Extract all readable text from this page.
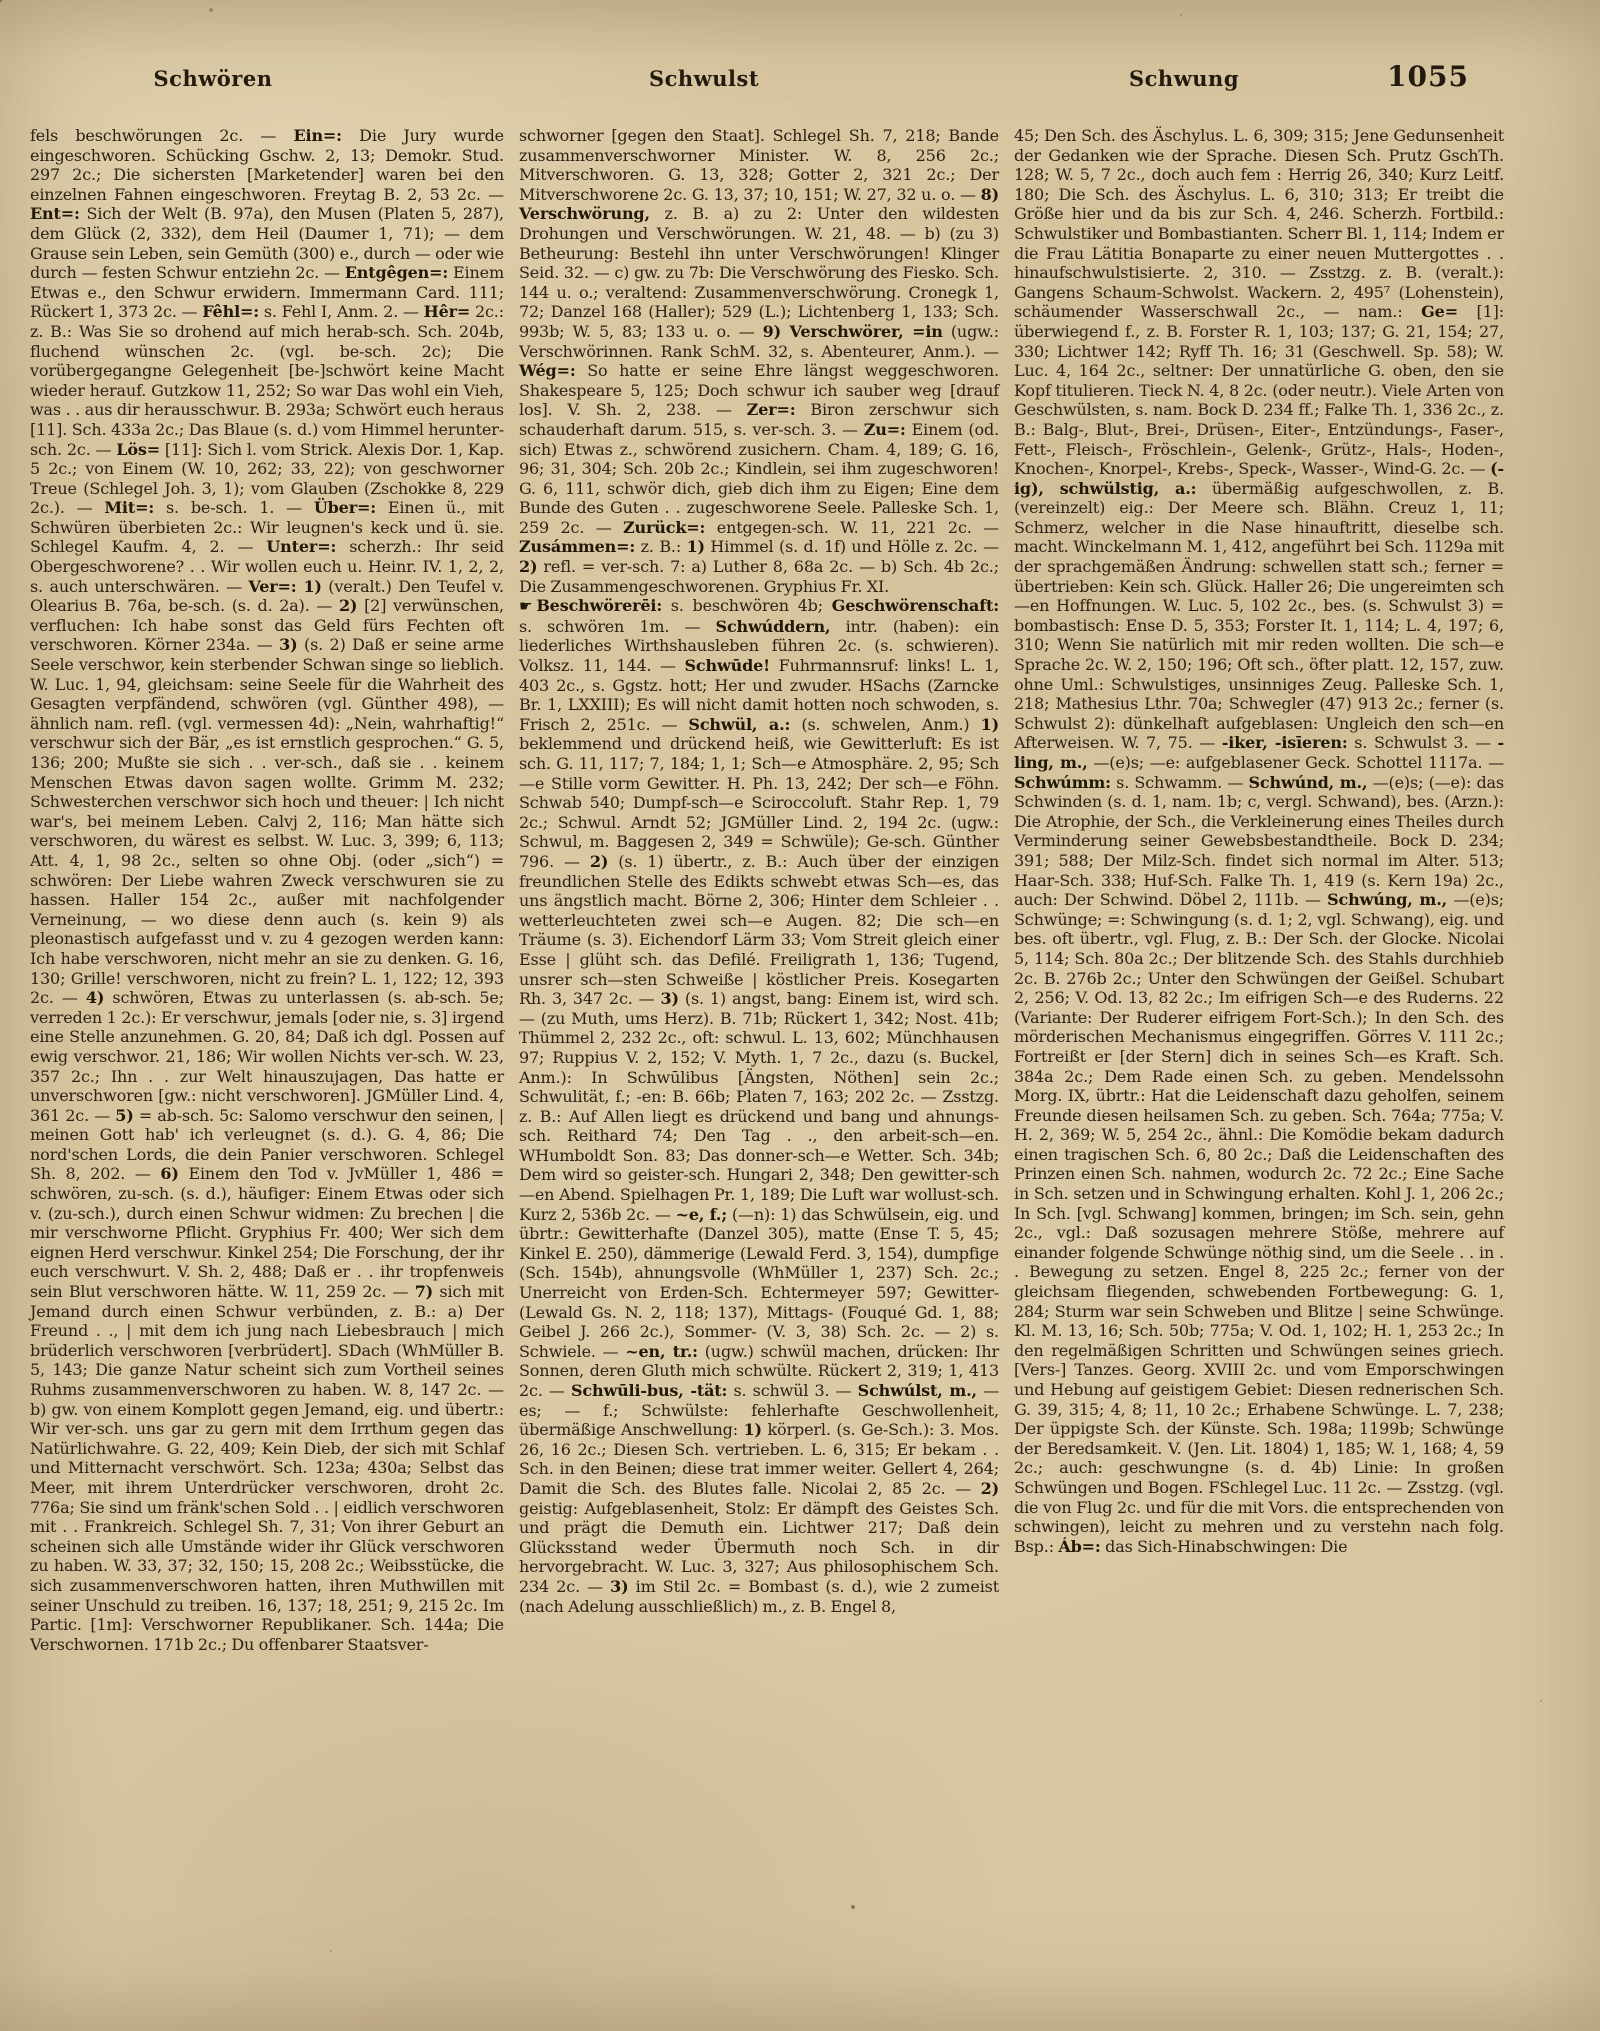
Schwören	Schwulst	Schwung	1055

fels beschwörungen 2c. — Ein=: Die Jury wurde eingeschworen. Schücking Gschw. 2, 13; Demokr. Stud. 297 2c.; Die sichersten [Marketender] waren bei den einzelnen Fahnen eingeschworen. Freytag B. 2, 53 2c. — Ent=: Sich der Welt (B. 97a), den Musen (Platen 5, 287), dem Glück (2, 332), dem Heil (Daumer 1, 71); — dem Grause sein Leben, sein Gemüth (300) e., durch — oder wie durch — festen Schwur entziehn 2c. — Entgêgen=: Einem Etwas e., den Schwur erwidern. Immermann Card. 111; Rückert 1, 373 2c. — Fêhl=: s. Fehl I, Anm. 2. — Hêr= 2c.: z. B.: Was Sie so drohend auf mich herab-sch. Sch. 204b, fluchend wünschen 2c. (vgl. be-sch. 2c); Die vorübergegangne Gelegenheit [be-]schwört keine Macht wieder herauf. Gutzkow 11, 252; So war Das wohl ein Vieh, was . . aus dir herausschwur. B. 293a; Schwört euch heraus [11]. Sch. 433a 2c.; Das Blaue (s. d.) vom Himmel herunter-sch. 2c. — Lös= [11]: Sich l. vom Strick. Alexis Dor. 1, Kap. 5 2c.; von Einem (W. 10, 262; 33, 22); von geschworner Treue (Schlegel Joh. 3, 1); vom Glauben (Zschokke 8, 229 2c.). — Mit=: s. be-sch. 1. — Über=: Einen ü., mit Schwüren überbieten 2c.: Wir leugnen's keck und ü. sie. Schlegel Kaufm. 4, 2. — Unter=: scherzh.: Ihr seid Obergeschworene? . . Wir wollen euch u. Heinr. IV. 1, 2, 2, s. auch unterschwären. — Ver=: 1) (veralt.) Den Teufel v. Olearius B. 76a, be-sch. (s. d. 2a). — 2) [2] verwünschen, verfluchen: Ich habe sonst das Geld fürs Fechten oft verschworen. Körner 234a. — 3) (s. 2) Daß er seine arme Seele verschwor, kein sterbender Schwan singe so lieblich. W. Luc. 1, 94, gleichsam: seine Seele für die Wahrheit des Gesagten verpfändend, schwören (vgl. Günther 498), — ähnlich nam. refl. (vgl. vermessen 4d): „Nein, wahrhaftig!“ verschwur sich der Bär, „es ist ernstlich gesprochen.“ G. 5, 136; 200; Mußte sie sich . . ver-sch., daß sie . . keinem Menschen Etwas davon sagen wollte. Grimm M. 232; Schwesterchen verschwor sich hoch und theuer: | Ich nicht war's, bei meinem Leben. Calvj 2, 116; Man hätte sich verschworen, du wärest es selbst. W. Luc. 3, 399; 6, 113; Att. 4, 1, 98 2c., selten so ohne Obj. (oder „sich“) = schwören: Der Liebe wahren Zweck verschwuren sie zu hassen. Haller 154 2c., außer mit nachfolgender Verneinung, — wo diese denn auch (s. kein 9) als pleonastisch aufgefasst und v. zu 4 gezogen werden kann: Ich habe verschworen, nicht mehr an sie zu denken. G. 16, 130; Grille! verschworen, nicht zu frein? L. 1, 122; 12, 393 2c. — 4) schwören, Etwas zu unterlassen (s. ab-sch. 5e; verreden 1 2c.): Er verschwur, jemals [oder nie, s. 3] irgend eine Stelle anzunehmen. G. 20, 84; Daß ich dgl. Possen auf ewig verschwor. 21, 186; Wir wollen Nichts ver-sch. W. 23, 357 2c.; Ihn . . zur Welt hinauszujagen, Das hatte er unverschworen [gw.: nicht verschworen]. JGMüller Lind. 4, 361 2c. — 5) = ab-sch. 5c: Salomo verschwur den seinen, | meinen Gott hab' ich verleugnet (s. d.). G. 4, 86; Die nord'schen Lords, die dein Panier verschworen. Schlegel Sh. 8, 202. — 6) Einem den Tod v. JvMüller 1, 486 = schwören, zu-sch. (s. d.), häufiger: Einem Etwas oder sich v. (zu-sch.), durch einen Schwur widmen: Zu brechen | die mir verschworne Pflicht. Gryphius Fr. 400; Wer sich dem eignen Herd verschwur. Kinkel 254; Die Forschung, der ihr euch verschwurt. V. Sh. 2, 488; Daß er . . ihr tropfenweis sein Blut verschworen hätte. W. 11, 259 2c. — 7) sich mit Jemand durch einen Schwur verbünden, z. B.: a) Der Freund . ., | mit dem ich jung nach Liebesbrauch | mich brüderlich verschworen [verbrüdert]. SDach (WhMüller B. 5, 143; Die ganze Natur scheint sich zum Vortheil seines Ruhms zusammenverschworen zu haben. W. 8, 147 2c. — b) gw. von einem Komplott gegen Jemand, eig. und übertr.: Wir ver-sch. uns gar zu gern mit dem Irrthum gegen das Natürlichwahre. G. 22, 409; Kein Dieb, der sich mit Schlaf und Mitternacht verschwört. Sch. 123a; 430a; Selbst das Meer, mit ihrem Unterdrücker verschworen, droht 2c. 776a; Sie sind um fränk'schen Sold . . | eidlich verschworen mit . . Frankreich. Schlegel Sh. 7, 31; Von ihrer Geburt an scheinen sich alle Umstände wider ihr Glück verschworen zu haben. W. 33, 37; 32, 150; 15, 208 2c.; Weibsstücke, die sich zusammenverschworen hatten, ihren Muthwillen mit seiner Unschuld zu treiben. 16, 137; 18, 251; 9, 215 2c. Im Partic. [1m]: Verschworner Republikaner. Sch. 144a; Die Verschwornen. 171b 2c.; Du offenbarer Staatsver-

schworner [gegen den Staat]. Schlegel Sh. 7, 218; Bande zusammenverschworner Minister. W. 8, 256 2c.; Mitverschworen. G. 13, 328; Gotter 2, 321 2c.; Der Mitverschworene 2c. G. 13, 37; 10, 151; W. 27, 32 u. o. — 8) Verschwörung, z. B. a) zu 2: Unter den wildesten Drohungen und Verschwörungen. W. 21, 48. — b) (zu 3) Betheurung: Bestehl ihn unter Verschwörungen! Klinger Seid. 32. — c) gw. zu 7b: Die Verschwörung des Fiesko. Sch. 144 u. o.; veraltend: Zusammenverschwörung. Cronegk 1, 72; Danzel 168 (Haller); 529 (L.); Lichtenberg 1, 133; Sch. 993b; W. 5, 83; 133 u. o. — 9) Verschwörer, =in (ugw.: Verschwörinnen. Rank SchM. 32, s. Abenteurer, Anm.). — Wég=: So hatte er seine Ehre längst weggeschworen. Shakespeare 5, 125; Doch schwur ich sauber weg [drauf los]. V. Sh. 2, 238. — Zer=: Biron zerschwur sich schauderhaft darum. 515, s. ver-sch. 3. — Zu=: Einem (od. sich) Etwas z., schwörend zusichern. Cham. 4, 189; G. 16, 96; 31, 304; Sch. 20b 2c.; Kindlein, sei ihm zugeschworen! G. 6, 111, schwör dich, gieb dich ihm zu Eigen; Eine dem Bunde des Guten . . zugeschworene Seele. Palleske Sch. 1, 259 2c. — Zurück=: entgegen-sch. W. 11, 221 2c. — Zusámmen=: z. B.: 1) Himmel (s. d. 1f) und Hölle z. 2c. — 2) refl. = ver-sch. 7: a) Luther 8, 68a 2c. — b) Sch. 4b 2c.; Die Zusammengeschworenen. Gryphius Fr. XI.

☛ Beschwörerēi: s. beschwören 4b; Geschwörenschaft: s. schwören 1m. — Schwúddern, intr. (haben): ein liederliches Wirthshausleben führen 2c. (s. schwieren). Volksz. 11, 144. — Schwūde! Fuhrmannsruf: links! L. 1, 403 2c., s. Ggstz. hott; Her und zwuder. HSachs (Zarncke Br. 1, LXXIII); Es will nicht damit hotten noch schwoden, s. Frisch 2, 251c. — Schwül, a.: (s. schwelen, Anm.) 1) beklemmend und drückend heiß, wie Gewitterluft: Es ist sch. G. 11, 117; 7, 184; 1, 1; Sch—e Atmosphäre. 2, 95; Sch—e Stille vorm Gewitter. H. Ph. 13, 242; Der sch—e Föhn. Schwab 540; Dumpf-sch—e Sciroccoluft. Stahr Rep. 1, 79 2c.; Schwul. Arndt 52; JGMüller Lind. 2, 194 2c. (ugw.: Schwul, m. Baggesen 2, 349 = Schwüle); Ge-sch. Günther 796. — 2) (s. 1) übertr., z. B.: Auch über der einzigen freundlichen Stelle des Edikts schwebt etwas Sch—es, das uns ängstlich macht. Börne 2, 306; Hinter dem Schleier . . wetterleuchteten zwei sch—e Augen. 82; Die sch—en Träume (s. 3). Eichendorf Lärm 33; Vom Streit gleich einer Esse | glüht sch. das Defilé. Freiligrath 1, 136; Tugend, unsrer sch—sten Schweiße | köstlicher Preis. Kosegarten Rh. 3, 347 2c. — 3) (s. 1) angst, bang: Einem ist, wird sch. — (zu Muth, ums Herz). B. 71b; Rückert 1, 342; Nost. 41b; Thümmel 2, 232 2c., oft: schwul. L. 13, 602; Münchhausen 97; Ruppius V. 2, 152; V. Myth. 1, 7 2c., dazu (s. Buckel, Anm.): In Schwūlibus [Ängsten, Nöthen] sein 2c.; Schwulität, f.; -en: B. 66b; Platen 7, 163; 202 2c. — Zsstzg. z. B.: Auf Allen liegt es drückend und bang und ahnungs-sch. Reithard 74; Den Tag . ., den arbeit-sch—en. WHumboldt Son. 83; Das donner-sch—e Wetter. Sch. 34b; Dem wird so geister-sch. Hungari 2, 348; Den gewitter-sch—en Abend. Spielhagen Pr. 1, 189; Die Luft war wollust-sch. Kurz 2, 536b 2c. — ~e, f.; (—n): 1) das Schwülsein, eig. und übrtr.: Gewitterhafte (Danzel 305), matte (Ense T. 5, 45; Kinkel E. 250), dämmerige (Lewald Ferd. 3, 154), dumpfige (Sch. 154b), ahnungsvolle (WhMüller 1, 237) Sch. 2c.; Unerreicht von Erden-Sch. Echtermeyer 597; Gewitter- (Lewald Gs. N. 2, 118; 137), Mittags- (Fouqué Gd. 1, 88; Geibel J. 266 2c.), Sommer- (V. 3, 38) Sch. 2c. — 2) s. Schwiele. — ~en, tr.: (ugw.) schwül machen, drücken: Ihr Sonnen, deren Gluth mich schwülte. Rückert 2, 319; 1, 413 2c. — Schwūli-bus, -tät: s. schwül 3. — Schwúlst, m., —es; — f.; Schwülste: fehlerhafte Geschwollenheit, übermäßige Anschwellung: 1) körperl. (s. Ge-Sch.): 3. Mos. 26, 16 2c.; Diesen Sch. vertrieben. L. 6, 315; Er bekam . . Sch. in den Beinen; diese trat immer weiter. Gellert 4, 264; Damit die Sch. des Blutes falle. Nicolai 2, 85 2c. — 2) geistig: Aufgeblasenheit, Stolz: Er dämpft des Geistes Sch. und prägt die Demuth ein. Lichtwer 217; Daß dein Glücksstand weder Übermuth noch Sch. in dir hervorgebracht. W. Luc. 3, 327; Aus philosophischem Sch. 234 2c. — 3) im Stil 2c. = Bombast (s. d.), wie 2 zumeist (nach Adelung ausschließlich) m., z. B. Engel 8,

45; Den Sch. des Äschylus. L. 6, 309; 315; Jene Gedunsenheit der Gedanken wie der Sprache. Diesen Sch. Prutz GschTh. 128; W. 5, 7 2c., doch auch fem : Herrig 26, 340; Kurz Leitf. 180; Die Sch. des Äschylus. L. 6, 310; 313; Er treibt die Größe hier und da bis zur Sch. 4, 246. Scherzh. Fortbild.: Schwulstiker und Bombastianten. Scherr Bl. 1, 114; Indem er die Frau Lätitia Bonaparte zu einer neuen Muttergottes . . hinaufschwulstisierte. 2, 310. — Zsstzg. z. B. (veralt.): Gangens Schaum-Schwolst. Wackern. 2, 495⁷ (Lohenstein), schäumender Wasserschwall 2c., — nam.: Ge= [1]: überwiegend f., z. B. Forster R. 1, 103; 137; G. 21, 154; 27, 330; Lichtwer 142; Ryff Th. 16; 31 (Geschwell. Sp. 58); W. Luc. 4, 164 2c., seltner: Der unnatürliche G. oben, den sie Kopf titulieren. Tieck N. 4, 8 2c. (oder neutr.). Viele Arten von Geschwülsten, s. nam. Bock D. 234 ff.; Falke Th. 1, 336 2c., z. B.: Balg-, Blut-, Brei-, Drüsen-, Eiter-, Entzündungs-, Faser-, Fett-, Fleisch-, Fröschlein-, Gelenk-, Grütz-, Hals-, Hoden-, Knochen-, Knorpel-, Krebs-, Speck-, Wasser-, Wind-G. 2c. — (-ig), schwülstig, a.: übermäßig aufgeschwollen, z. B. (vereinzelt) eig.: Der Meere sch. Blähn. Creuz 1, 11; Schmerz, welcher in die Nase hinauftritt, dieselbe sch. macht. Winckelmann M. 1, 412, angeführt bei Sch. 1129a mit der sprachgemäßen Ändrung: schwellen statt sch.; ferner = übertrieben: Kein sch. Glück. Haller 26; Die ungereimten sch—en Hoffnungen. W. Luc. 5, 102 2c., bes. (s. Schwulst 3) = bombastisch: Ense D. 5, 353; Forster It. 1, 114; L. 4, 197; 6, 310; Wenn Sie natürlich mit mir reden wollten. Die sch—e Sprache 2c. W. 2, 150; 196; Oft sch., öfter platt. 12, 157, zuw. ohne Uml.: Schwulstiges, unsinniges Zeug. Palleske Sch. 1, 218; Mathesius Lthr. 70a; Schwegler (47) 913 2c.; ferner (s. Schwulst 2): dünkelhaft aufgeblasen: Ungleich den sch—en Afterweisen. W. 7, 75. — -iker, -isīeren: s. Schwulst 3. — -ling, m., —(e)s; —e: aufgeblasener Geck. Schottel 1117a. — Schwúmm: s. Schwamm. — Schwúnd, m., —(e)s; (—e): das Schwinden (s. d. 1, nam. 1b; c, vergl. Schwand), bes. (Arzn.): Die Atrophie, der Sch., die Verkleinerung eines Theiles durch Verminderung seiner Gewebsbestandtheile. Bock D. 234; 391; 588; Der Milz-Sch. findet sich normal im Alter. 513; Haar-Sch. 338; Huf-Sch. Falke Th. 1, 419 (s. Kern 19a) 2c., auch: Der Schwind. Döbel 2, 111b. — Schwúng, m., —(e)s; Schwünge; =: Schwingung (s. d. 1; 2, vgl. Schwang), eig. und bes. oft übertr., vgl. Flug, z. B.: Der Sch. der Glocke. Nicolai 5, 114; Sch. 80a 2c.; Der blitzende Sch. des Stahls durchhieb 2c. B. 276b 2c.; Unter den Schwüngen der Geißel. Schubart 2, 256; V. Od. 13, 82 2c.; Im eifrigen Sch—e des Ruderns. 22 (Variante: Der Ruderer eifrigem Fort-Sch.); In den Sch. des mörderischen Mechanismus eingegriffen. Görres V. 111 2c.; Fortreißt er [der Stern] dich in seines Sch—es Kraft. Sch. 384a 2c.; Dem Rade einen Sch. zu geben. Mendelssohn Morg. IX, übrtr.: Hat die Leidenschaft dazu geholfen, seinem Freunde diesen heilsamen Sch. zu geben. Sch. 764a; 775a; V. H. 2, 369; W. 5, 254 2c., ähnl.: Die Komödie bekam dadurch einen tragischen Sch. 6, 80 2c.; Daß die Leidenschaften des Prinzen einen Sch. nahmen, wodurch 2c. 72 2c.; Eine Sache in Sch. setzen und in Schwingung erhalten. Kohl J. 1, 206 2c.; In Sch. [vgl. Schwang] kommen, bringen; im Sch. sein, gehn 2c., vgl.: Daß sozusagen mehrere Stöße, mehrere auf einander folgende Schwünge nöthig sind, um die Seele . . in . . Bewegung zu setzen. Engel 8, 225 2c.; ferner von der gleichsam fliegenden, schwebenden Fortbewegung: G. 1, 284; Sturm war sein Schweben und Blitze | seine Schwünge. Kl. M. 13, 16; Sch. 50b; 775a; V. Od. 1, 102; H. 1, 253 2c.; In den regelmäßigen Schritten und Schwüngen seines griech. [Vers-] Tanzes. Georg. XVIII 2c. und vom Emporschwingen und Hebung auf geistigem Gebiet: Diesen rednerischen Sch. G. 39, 315; 4, 8; 11, 10 2c.; Erhabene Schwünge. L. 7, 238; Der üppigste Sch. der Künste. Sch. 198a; 1199b; Schwünge der Beredsamkeit. V. (Jen. Lit. 1804) 1, 185; W. 1, 168; 4, 59 2c.; auch: geschwungne (s. d. 4b) Linie: In großen Schwüngen und Bogen. FSchlegel Luc. 11 2c. — Zsstzg. (vgl. die von Flug 2c. und für die mit Vors. die entsprechenden von schwingen), leicht zu mehren und zu verstehn nach folg. Bsp.: Áb=: das Sich-Hinabschwingen: Die
